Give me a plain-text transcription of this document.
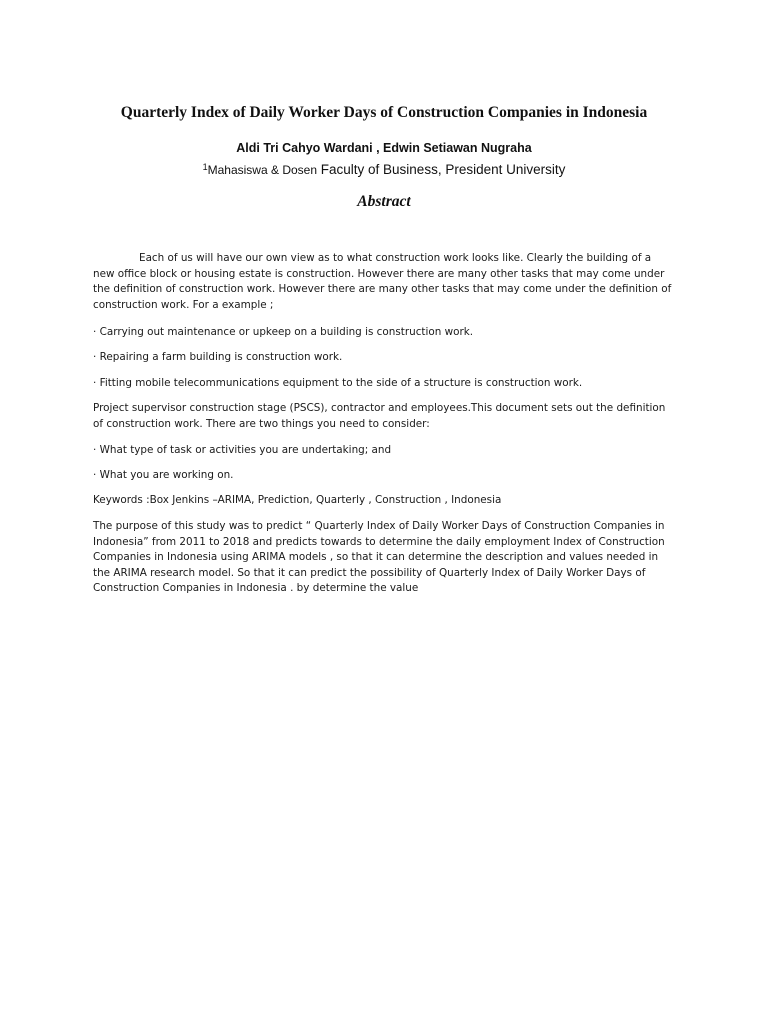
Quarterly Index of Daily Worker Days of Construction Companies in Indonesia

Aldi Tri Cahyo Wardani , Edwin Setiawan Nugraha

$^1$Mahasiswa & Dosen Faculty of Business, President University

Abstract
Each of us will have our own view as to what construction work looks like. Clearly the building of a
new office block or housing estate is construction. However there are many other tasks that may come under
the definition of construction work. However there are many other tasks that may come under the definition of
construction work. For a example ;

· Carrying out maintenance or upkeep on a building is construction work.

· Repairing a farm building is construction work.

· Fitting mobile telecommunications equipment to the side of a structure is construction work.

Project supervisor construction stage (PSCS), contractor and employees.This document sets out the definition
of construction work. There are two things you need to consider:

· What type of task or activities you are undertaking; and

· What you are working on.

Keywords :Box Jenkins –ARIMA, Prediction, Quarterly , Construction , Indonesia

The purpose of this study was to predict “ Quarterly Index of Daily Worker Days of Construction Companies in
Indonesia” from 2011 to 2018 and predicts towards to determine the daily employment Index of Construction
Companies in Indonesia using ARIMA models , so that it can determine the description and values needed in
the ARIMA research model. So that it can predict the possibility of Quarterly Index of Daily Worker Days of
Construction Companies in Indonesia . by determine the value
